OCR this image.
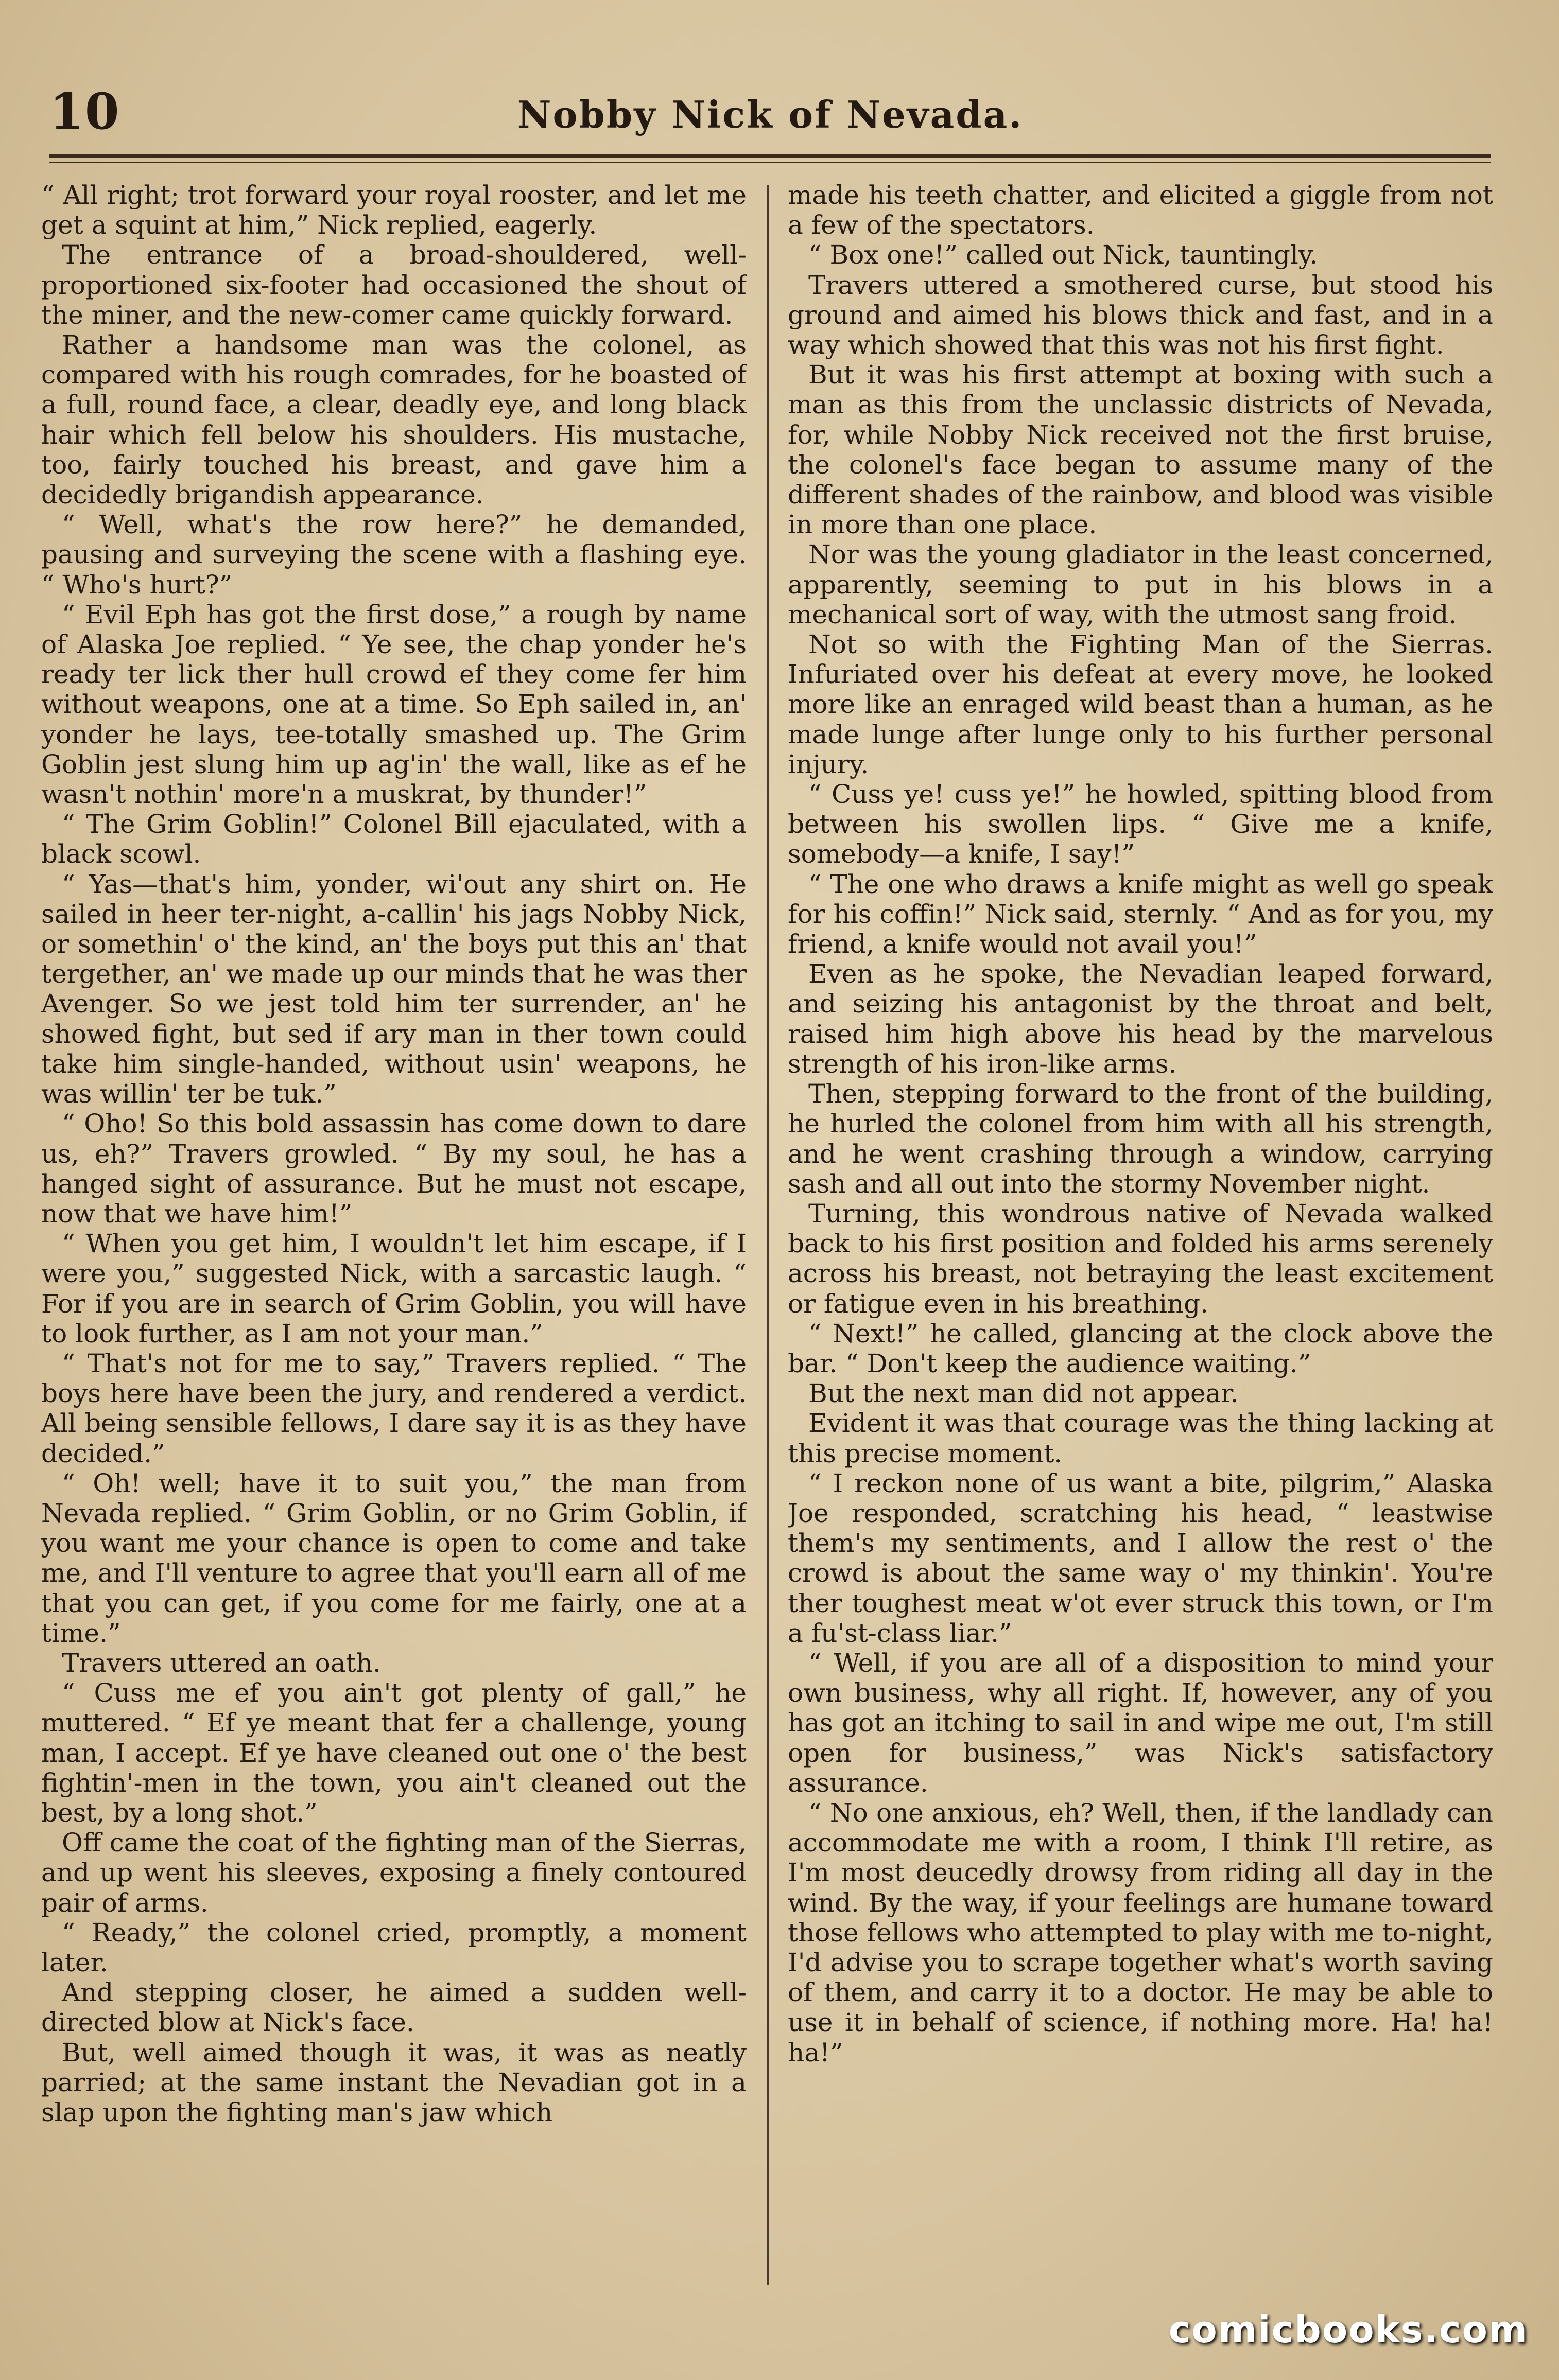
10	Nobby Nick of Nevada.

“ All right; trot forward your royal rooster, and let me get a squint at him,” Nick replied, eagerly.

The entrance of a broad-shouldered, well-proportioned six-footer had occasioned the shout of the miner, and the new-comer came quickly forward.

Rather a handsome man was the colonel, as compared with his rough comrades, for he boasted of a full, round face, a clear, deadly eye, and long black hair which fell below his shoulders. His mustache, too, fairly touched his breast, and gave him a decidedly brigandish appearance.

“ Well, what's the row here?” he demanded, pausing and surveying the scene with a flashing eye. “ Who's hurt?”

“ Evil Eph has got the first dose,” a rough by name of Alaska Joe replied. “ Ye see, the chap yonder he's ready ter lick ther hull crowd ef they come fer him without weapons, one at a time. So Eph sailed in, an' yonder he lays, tee-totally smashed up. The Grim Goblin jest slung him up ag'in' the wall, like as ef he wasn't nothin' more'n a muskrat, by thunder!”

“ The Grim Goblin!” Colonel Bill ejaculated, with a black scowl.

“ Yas—that's him, yonder, wi'out any shirt on. He sailed in heer ter-night, a-callin' his jags Nobby Nick, or somethin' o' the kind, an' the boys put this an' that tergether, an' we made up our minds that he was ther Avenger. So we jest told him ter surrender, an' he showed fight, but sed if ary man in ther town could take him single-handed, without usin' weapons, he was willin' ter be tuk.”

“ Oho! So this bold assassin has come down to dare us, eh?” Travers growled. “ By my soul, he has a hanged sight of assurance. But he must not escape, now that we have him!”

“ When you get him, I wouldn't let him escape, if I were you,” suggested Nick, with a sarcastic laugh. “ For if you are in search of Grim Goblin, you will have to look further, as I am not your man.”

“ That's not for me to say,” Travers replied. “ The boys here have been the jury, and rendered a verdict. All being sensible fellows, I dare say it is as they have decided.”

“ Oh! well; have it to suit you,” the man from Nevada replied. “ Grim Goblin, or no Grim Goblin, if you want me your chance is open to come and take me, and I'll venture to agree that you'll earn all of me that you can get, if you come for me fairly, one at a time.”

Travers uttered an oath.

“ Cuss me ef you ain't got plenty of gall,” he muttered. “ Ef ye meant that fer a challenge, young man, I accept. Ef ye have cleaned out one o' the best fightin'-men in the town, you ain't cleaned out the best, by a long shot.”

Off came the coat of the fighting man of the Sierras, and up went his sleeves, exposing a finely contoured pair of arms.

“ Ready,” the colonel cried, promptly, a moment later.

And stepping closer, he aimed a sudden well-directed blow at Nick's face.

But, well aimed though it was, it was as neatly parried; at the same instant the Nevadian got in a slap upon the fighting man's jaw which

made his teeth chatter, and elicited a giggle from not a few of the spectators.

“ Box one!” called out Nick, tauntingly.

Travers uttered a smothered curse, but stood his ground and aimed his blows thick and fast, and in a way which showed that this was not his first fight.

But it was his first attempt at boxing with such a man as this from the unclassic districts of Nevada, for, while Nobby Nick received not the first bruise, the colonel's face began to assume many of the different shades of the rainbow, and blood was visible in more than one place.

Nor was the young gladiator in the least concerned, apparently, seeming to put in his blows in a mechanical sort of way, with the utmost sang froid.

Not so with the Fighting Man of the Sierras. Infuriated over his defeat at every move, he looked more like an enraged wild beast than a human, as he made lunge after lunge only to his further personal injury.

“ Cuss ye! cuss ye!” he howled, spitting blood from between his swollen lips. “ Give me a knife, somebody—a knife, I say!”

“ The one who draws a knife might as well go speak for his coffin!” Nick said, sternly. “ And as for you, my friend, a knife would not avail you!”

Even as he spoke, the Nevadian leaped forward, and seizing his antagonist by the throat and belt, raised him high above his head by the marvelous strength of his iron-like arms.

Then, stepping forward to the front of the building, he hurled the colonel from him with all his strength, and he went crashing through a window, carrying sash and all out into the stormy November night.

Turning, this wondrous native of Nevada walked back to his first position and folded his arms serenely across his breast, not betraying the least excitement or fatigue even in his breathing.

“ Next!” he called, glancing at the clock above the bar. “ Don't keep the audience waiting.”

But the next man did not appear.

Evident it was that courage was the thing lacking at this precise moment.

“ I reckon none of us want a bite, pilgrim,” Alaska Joe responded, scratching his head, “ leastwise them's my sentiments, and I allow the rest o' the crowd is about the same way o' my thinkin'. You're ther toughest meat w'ot ever struck this town, or I'm a fu'st-class liar.”

“ Well, if you are all of a disposition to mind your own business, why all right. If, however, any of you has got an itching to sail in and wipe me out, I'm still open for business,” was Nick's satisfactory assurance.

“ No one anxious, eh? Well, then, if the landlady can accommodate me with a room, I think I'll retire, as I'm most deucedly drowsy from riding all day in the wind. By the way, if your feelings are humane toward those fellows who attempted to play with me to-night, I'd advise you to scrape together what's worth saving of them, and carry it to a doctor. He may be able to use it in behalf of science, if nothing more. Ha! ha! ha!”

comicbooks.com
